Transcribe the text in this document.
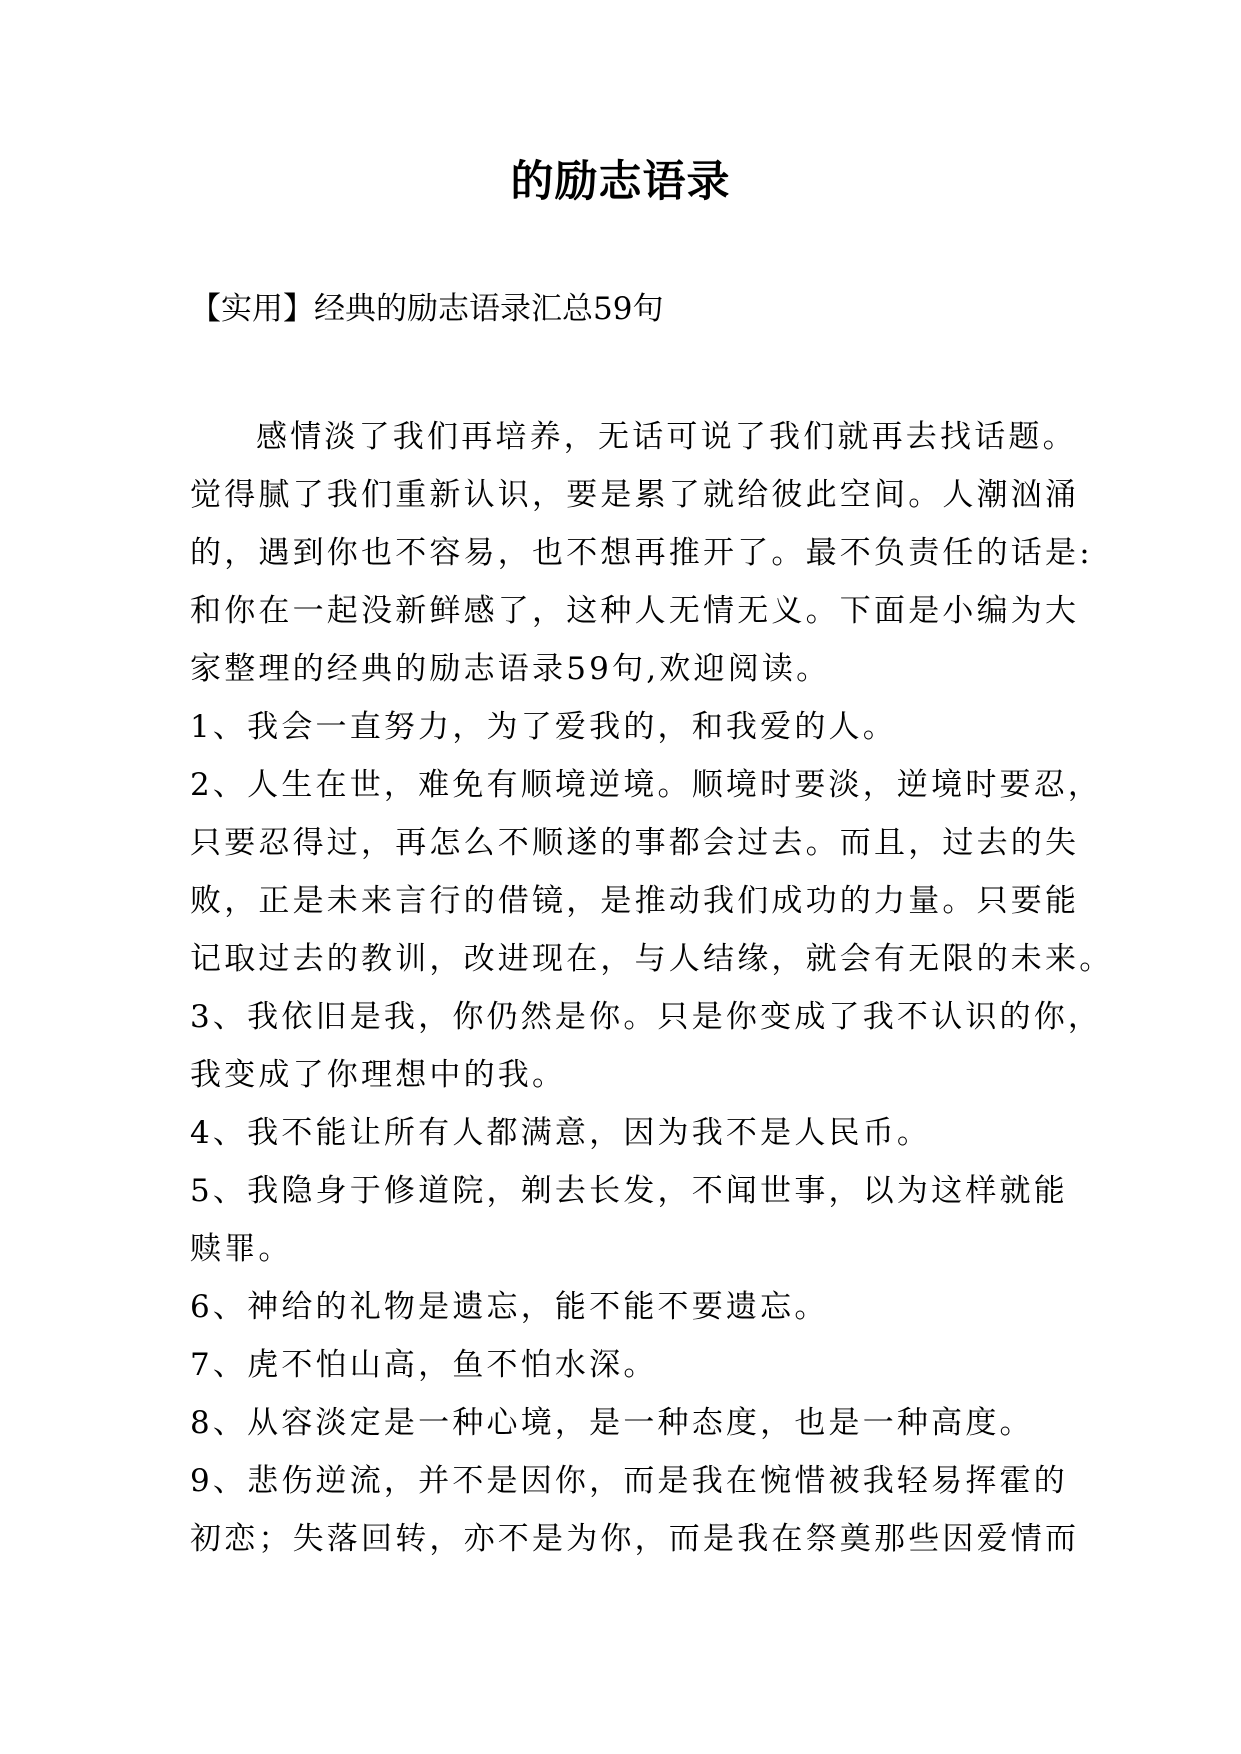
的励志语录

【实用】经典的励志语录汇总59句

感情淡了我们再培养，无话可说了我们就再去找话题。
觉得腻了我们重新认识，要是累了就给彼此空间。人潮汹涌
的，遇到你也不容易，也不想再推开了。最不负责任的话是:
和你在一起没新鲜感了，这种人无情无义。下面是小编为大
家整理的经典的励志语录59句,欢迎阅读。
1、我会一直努力，为了爱我的，和我爱的人。
2、人生在世，难免有顺境逆境。顺境时要淡，逆境时要忍，
只要忍得过，再怎么不顺遂的事都会过去。而且，过去的失
败，正是未来言行的借镜，是推动我们成功的力量。只要能
记取过去的教训，改进现在，与人结缘，就会有无限的未来。
3、我依旧是我，你仍然是你。只是你变成了我不认识的你，
我变成了你理想中的我。
4、我不能让所有人都满意，因为我不是人民币。
5、我隐身于修道院，剃去长发，不闻世事，以为这样就能
赎罪。
6、神给的礼物是遗忘，能不能不要遗忘。
7、虎不怕山高，鱼不怕水深。
8、从容淡定是一种心境，是一种态度，也是一种高度。
9、悲伤逆流，并不是因你，而是我在惋惜被我轻易挥霍的
初恋；失落回转，亦不是为你，而是我在祭奠那些因爱情而
